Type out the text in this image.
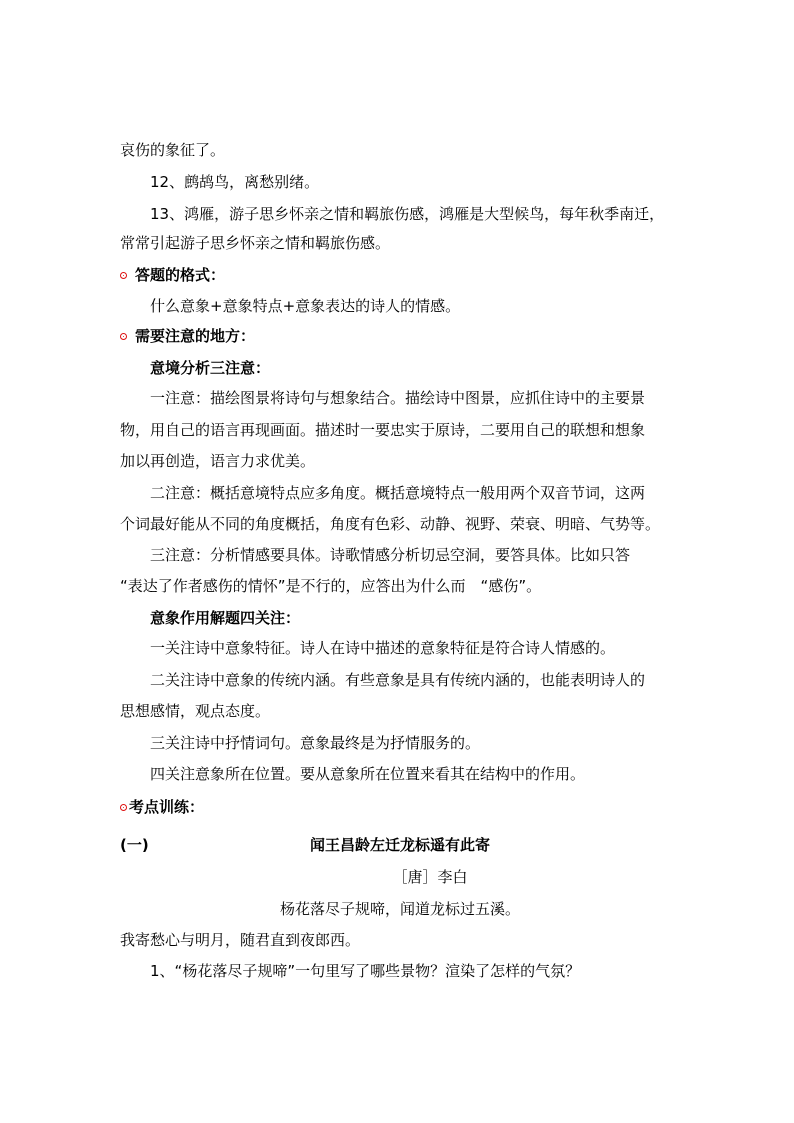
哀伤的象征了。
12、鹧鸪鸟，离愁别绪。
13、鸿雁，游子思乡怀亲之情和羁旅伤感，鸿雁是大型候鸟，每年秋季南迁，
常常引起游子思乡怀亲之情和羁旅伤感。
答题的格式：
什么意象+意象特点+意象表达的诗人的情感。
需要注意的地方：
意境分析三注意：
一注意：描绘图景将诗句与想象结合。描绘诗中图景，应抓住诗中的主要景
物，用自己的语言再现画面。描述时一要忠实于原诗，二要用自己的联想和想象
加以再创造，语言力求优美。
二注意：概括意境特点应多角度。概括意境特点一般用两个双音节词，这两
个词最好能从不同的角度概括，角度有色彩、动静、视野、荣衰、明暗、气势等。
三注意：分析情感要具体。诗歌情感分析切忌空洞，要答具体。比如只答
“表达了作者感伤的情怀”是不行的，应答出为什么而　“感伤”。
意象作用解题四关注：
一关注诗中意象特征。诗人在诗中描述的意象特征是符合诗人情感的。
二关注诗中意象的传统内涵。有些意象是具有传统内涵的，也能表明诗人的
思想感情，观点态度。
三关注诗中抒情词句。意象最终是为抒情服务的。
四关注意象所在位置。要从意象所在位置来看其在结构中的作用。
考点训练：
(一)	闻王昌龄左迁龙标遥有此寄
［唐］李白
杨花落尽子规啼，闻道龙标过五溪。
我寄愁心与明月，随君直到夜郎西。
1、“杨花落尽子规啼”一句里写了哪些景物？渲染了怎样的气氛？
